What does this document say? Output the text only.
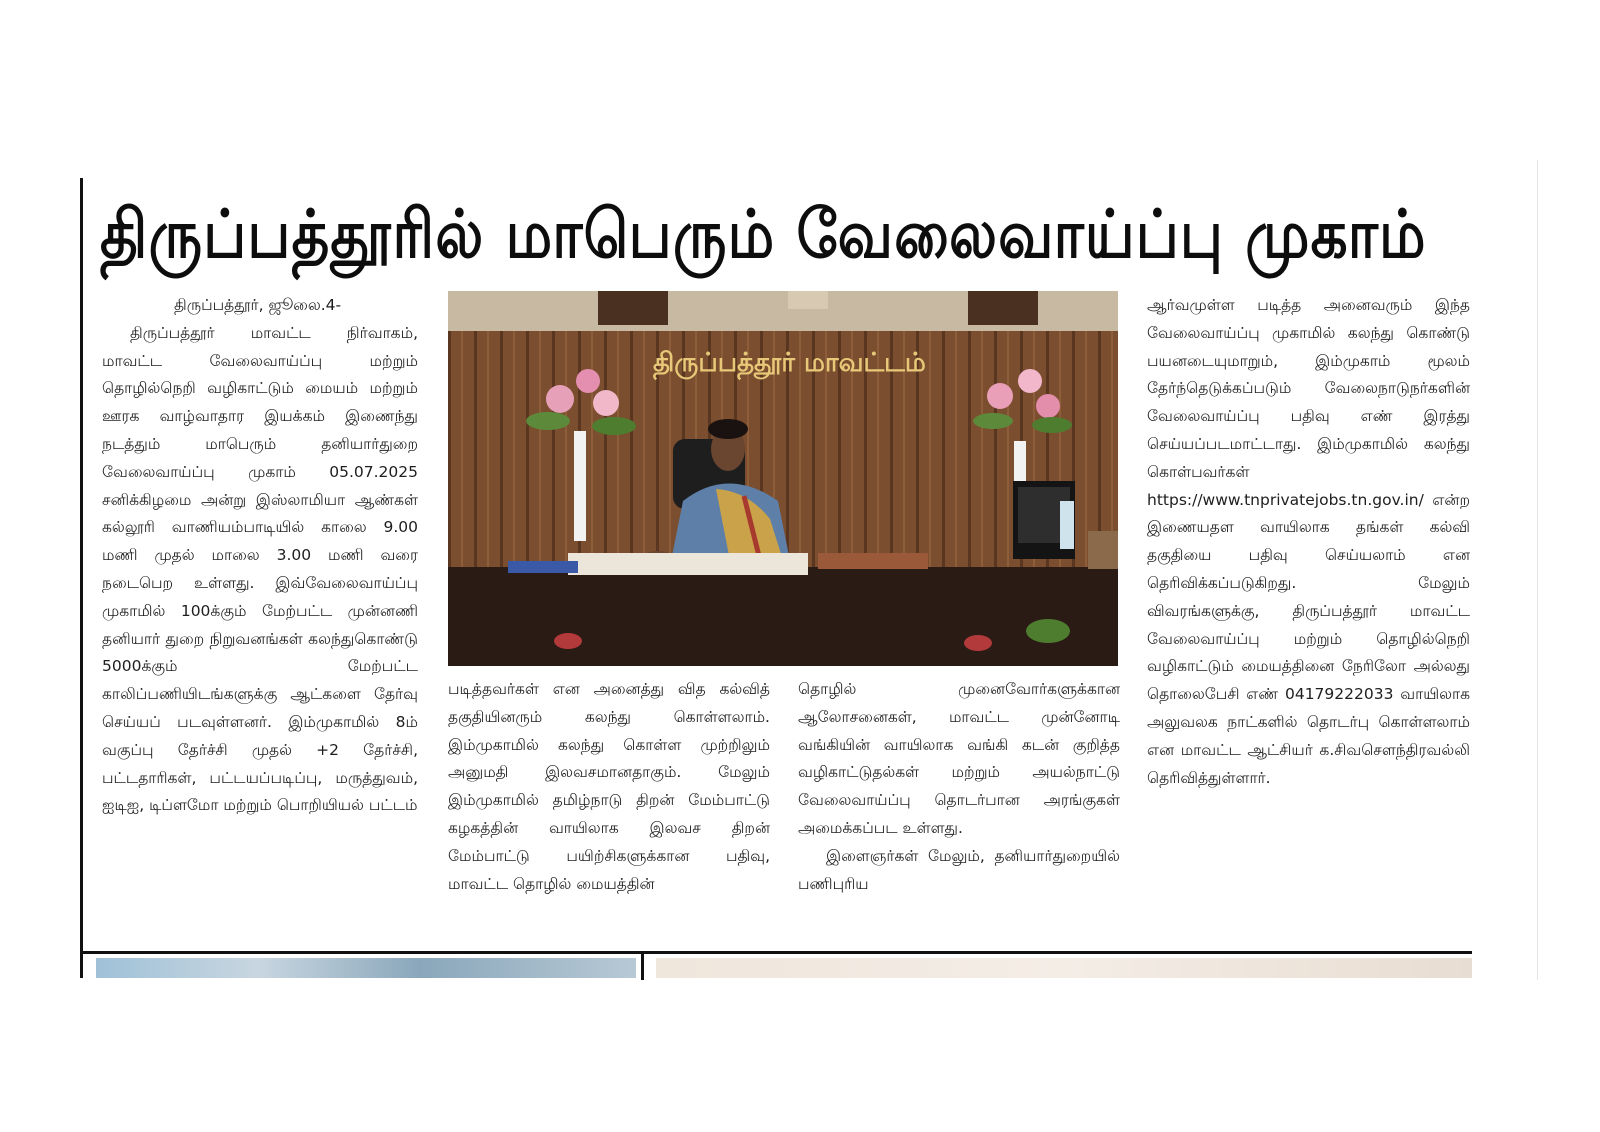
திருப்பத்தூரில் மாபெரும் வேலைவாய்ப்பு முகாம்

திருப்பத்தூர், ஜூலை.4-

திருப்பத்தூர் மாவட்ட நிர்வாகம், மாவட்ட வேலைவாய்ப்பு மற்றும் தொழில்நெறி வழிகாட்டும் மையம் மற்றும் ஊரக வாழ்வாதார இயக்கம் இணைந்து நடத்தும் மாபெரும் தனியார்துறை வேலைவாய்ப்பு முகாம் 05.07.2025 சனிக்கிழமை அன்று இஸ்லாமியா ஆண்கள் கல்லூரி வாணியம்பாடியில் காலை 9.00 மணி முதல் மாலை 3.00 மணி வரை நடைபெற உள்ளது. இவ்வேலைவாய்ப்பு முகாமில் 100க்கும் மேற்பட்ட முன்னணி தனியார் துறை நிறுவனங்கள் கலந்துகொண்டு 5000க்கும் மேற்பட்ட காலிப்பணியிடங்களுக்கு ஆட்களை தேர்வு செய்யப் படவுள்ளனர். இம்முகாமில் 8ம் வகுப்பு தேர்ச்சி முதல் +2 தேர்ச்சி, பட்டதாரிகள், பட்டயப்படிப்பு, மருத்துவம், ஐடிஐ, டிப்ளமோ மற்றும் பொறியியல் பட்டம்

திருப்பத்தூர் மாவட்டம்

படித்தவர்கள் என அனைத்து வித கல்வித் தகுதியினரும் கலந்து கொள்ளலாம். இம்முகாமில் கலந்து கொள்ள முற்றிலும் அனுமதி இலவசமானதாகும். மேலும் இம்முகாமில் தமிழ்நாடு திறன் மேம்பாட்டு கழகத்தின் வாயிலாக இலவச திறன் மேம்பாட்டு பயிற்சிகளுக்கான பதிவு, மாவட்ட தொழில் மையத்தின்

தொழில் முனைவோர்களுக்கான ஆலோசனைகள், மாவட்ட முன்னோடி வங்கியின் வாயிலாக வங்கி கடன் குறித்த வழிகாட்டுதல்கள் மற்றும் அயல்நாட்டு வேலைவாய்ப்பு தொடர்பான அரங்குகள் அமைக்கப்பட உள்ளது.

இளைஞர்கள் மேலும், தனியார்துறையில் பணிபுரிய

ஆர்வமுள்ள படித்த அனைவரும் இந்த வேலைவாய்ப்பு முகாமில் கலந்து கொண்டு பயனடையுமாறும், இம்முகாம் மூலம் தேர்ந்தெடுக்கப்படும் வேலைநாடுநர்களின் வேலைவாய்ப்பு பதிவு எண் இரத்து செய்யப்படமாட்டாது. இம்முகாமில் கலந்து கொள்பவர்கள் https://www.tnprivatejobs.tn.gov.in/ என்ற இணையதள வாயிலாக தங்கள் கல்வி தகுதியை பதிவு செய்யலாம் என தெரிவிக்கப்படுகிறது. மேலும் விவரங்களுக்கு, திருப்பத்தூர் மாவட்ட வேலைவாய்ப்பு மற்றும் தொழில்நெறி வழிகாட்டும் மையத்தினை நேரிலோ அல்லது தொலைபேசி எண் 04179222033 வாயிலாக அலுவலக நாட்களில் தொடர்பு கொள்ளலாம் என மாவட்ட ஆட்சியர் க.சிவசௌந்திரவல்லி தெரிவித்துள்ளார்.
